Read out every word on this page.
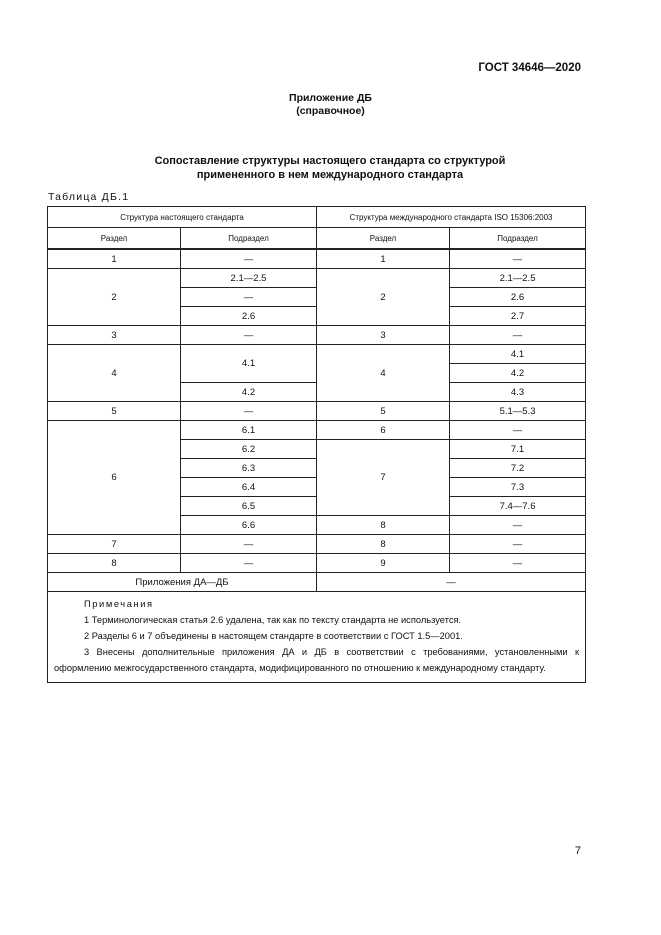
ГОСТ 34646—2020
Приложение ДБ
(справочное)
Сопоставление структуры настоящего стандарта со структурой
примененного в нем международного стандарта
Таблица ДБ.1
Структура настоящего стандарта		Структура международного стандарта ISO 15306:2003	
Раздел	Подраздел	Раздел	Подраздел
1	—	1	—
2	2.1—2.5	2	2.1—2.5
	—		2.6
	2.6		2.7
3	—	3	—
4	4.1	4	4.1
			4.2
	4.2		4.3
5	—	5	5.1—5.3
6	6.1	6	—
	6.2	7	7.1
	6.3		7.2
	6.4		7.3
	6.5		7.4—7.6
	6.6	8	—
7	—	8	—
8	—	9	—
Приложения ДА—ДБ		—	

Примечания
1 Терминологическая статья 2.6 удалена, так как по тексту стандарта не используется.
2 Разделы 6 и 7 объединены в настоящем стандарте в соответствии с ГОСТ 1.5—2001.
3 Внесены дополнительные приложения ДА и ДБ в соответствии с требованиями, установленными к оформлению межгосударственного стандарта, модифицированного по отношению к международному стандарту.			
7
